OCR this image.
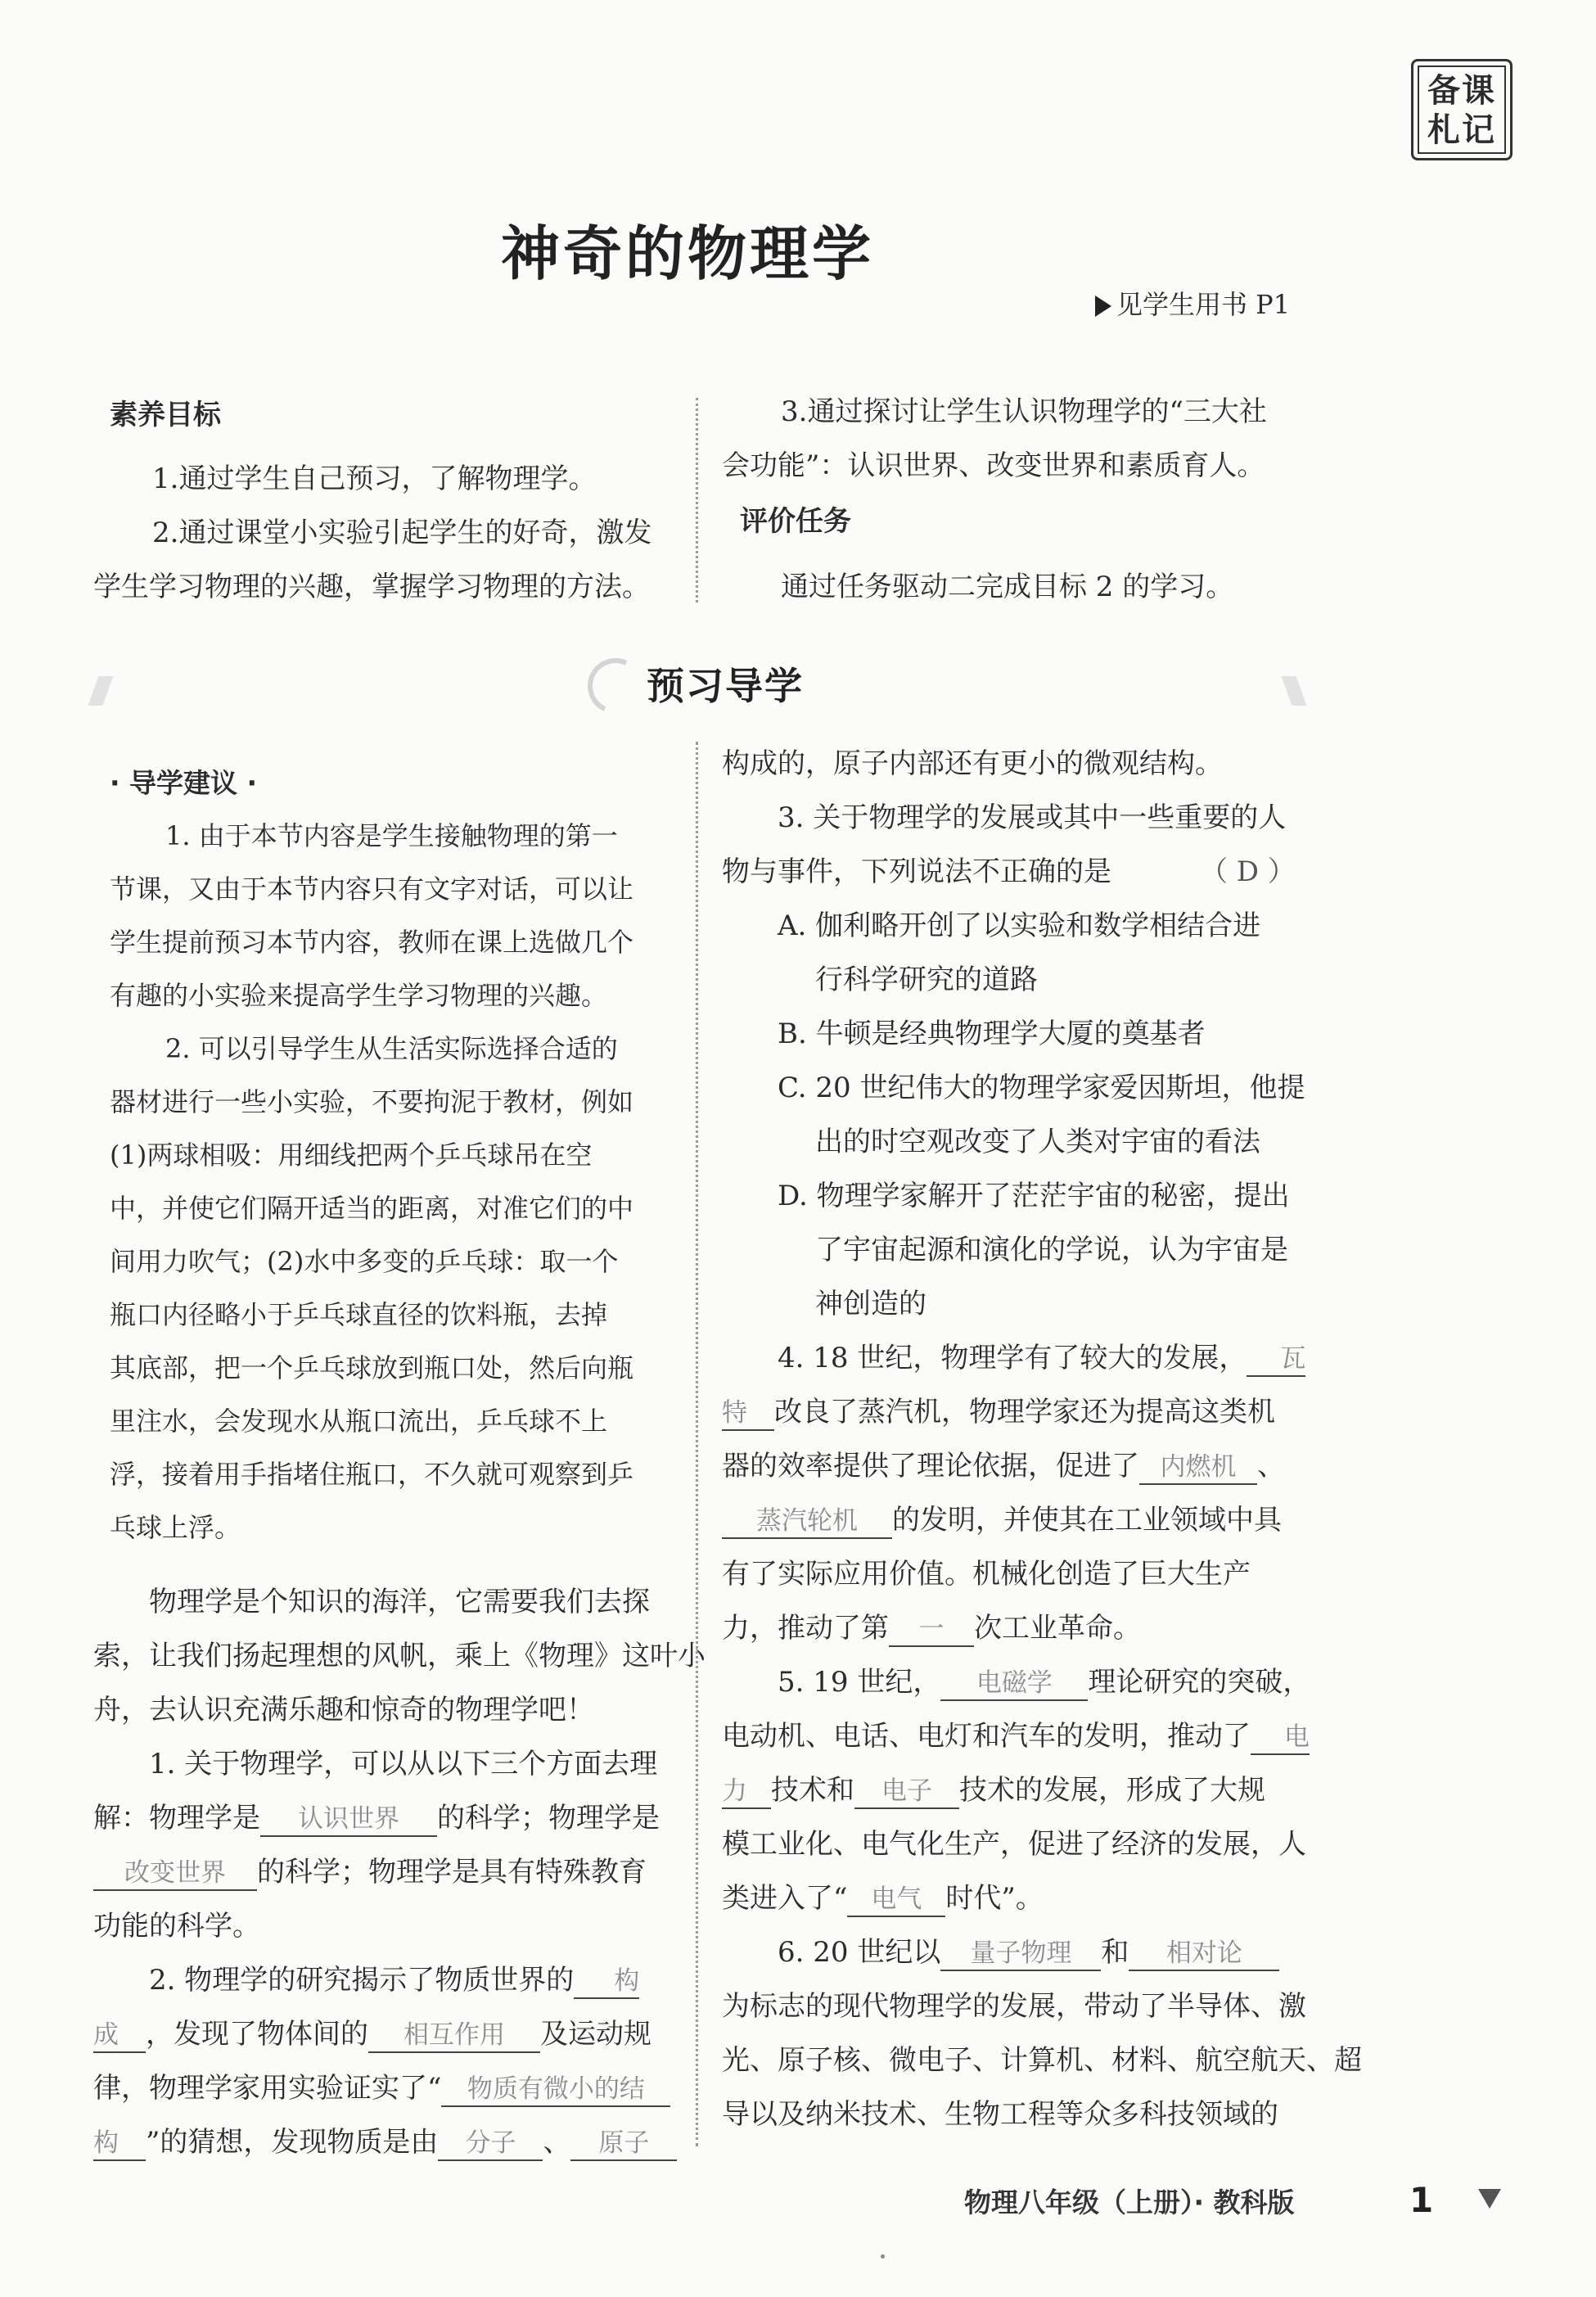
备课
札记
神奇的物理学
见学生用书 P1
素养目标

1.通过学生自己预习，了解物理学。

2.通过课堂小实验引起学生的好奇，激发

学生学习物理的兴趣，掌握学习物理的方法。

3.通过探讨让学生认识物理学的“三大社

会功能”：认识世界、改变世界和素质育人。

评价任务

通过任务驱动二完成目标 2 的学习。

预习导学
· 导学建议 ·

1. 由于本节内容是学生接触物理的第一

节课，又由于本节内容只有文字对话，可以让

学生提前预习本节内容，教师在课上选做几个

有趣的小实验来提高学生学习物理的兴趣。

2. 可以引导学生从生活实际选择合适的

器材进行一些小实验，不要拘泥于教材，例如

(1)两球相吸：用细线把两个乒乓球吊在空

中，并使它们隔开适当的距离，对准它们的中

间用力吹气；(2)水中多变的乒乓球：取一个

瓶口内径略小于乒乓球直径的饮料瓶，去掉

其底部，把一个乒乓球放到瓶口处，然后向瓶

里注水，会发现水从瓶口流出，乒乓球不上

浮，接着用手指堵住瓶口，不久就可观察到乒

乓球上浮。

物理学是个知识的海洋，它需要我们去探

索，让我们扬起理想的风帆，乘上《物理》这叶小

舟，去认识充满乐趣和惊奇的物理学吧！

1. 关于物理学，可以从以下三个方面去理

解：物理学是 认识世界 的科学；物理学是

改变世界 的科学；物理学是具有特殊教育

功能的科学。

2. 物理学的研究揭示了物质世界的 构

成 ，发现了物体间的 相互作用 及运动规

律，物理学家用实验证实了“ 物质有微小的结

构 ”的猜想，发现物质是由 分子 、 原子

构成的，原子内部还有更小的微观结构。

3. 关于物理学的发展或其中一些重要的人

物与事件，下列说法不正确的是	（ D ）

A. 伽利略开创了以实验和数学相结合进

行科学研究的道路

B. 牛顿是经典物理学大厦的奠基者

C. 20 世纪伟大的物理学家爱因斯坦，他提

出的时空观改变了人类对宇宙的看法

D. 物理学家解开了茫茫宇宙的秘密，提出

了宇宙起源和演化的学说，认为宇宙是

神创造的

4. 18 世纪，物理学有了较大的发展， 瓦

特 改良了蒸汽机，物理学家还为提高这类机

器的效率提供了理论依据，促进了 内燃机 、

蒸汽轮机 的发明，并使其在工业领域中具

有了实际应用价值。机械化创造了巨大生产

力，推动了第 一 次工业革命。

5. 19 世纪， 电磁学 理论研究的突破，

电动机、电话、电灯和汽车的发明，推动了 电

力 技术和 电子 技术的发展，形成了大规

模工业化、电气化生产，促进了经济的发展，人

类进入了“ 电气 时代”。

6. 20 世纪以 量子物理 和 相对论

为标志的现代物理学的发展，带动了半导体、激

光、原子核、微电子、计算机、材料、航空航天、超

导以及纳米技术、生物工程等众多科技领域的

物理八年级（上册）· 教科版	1
